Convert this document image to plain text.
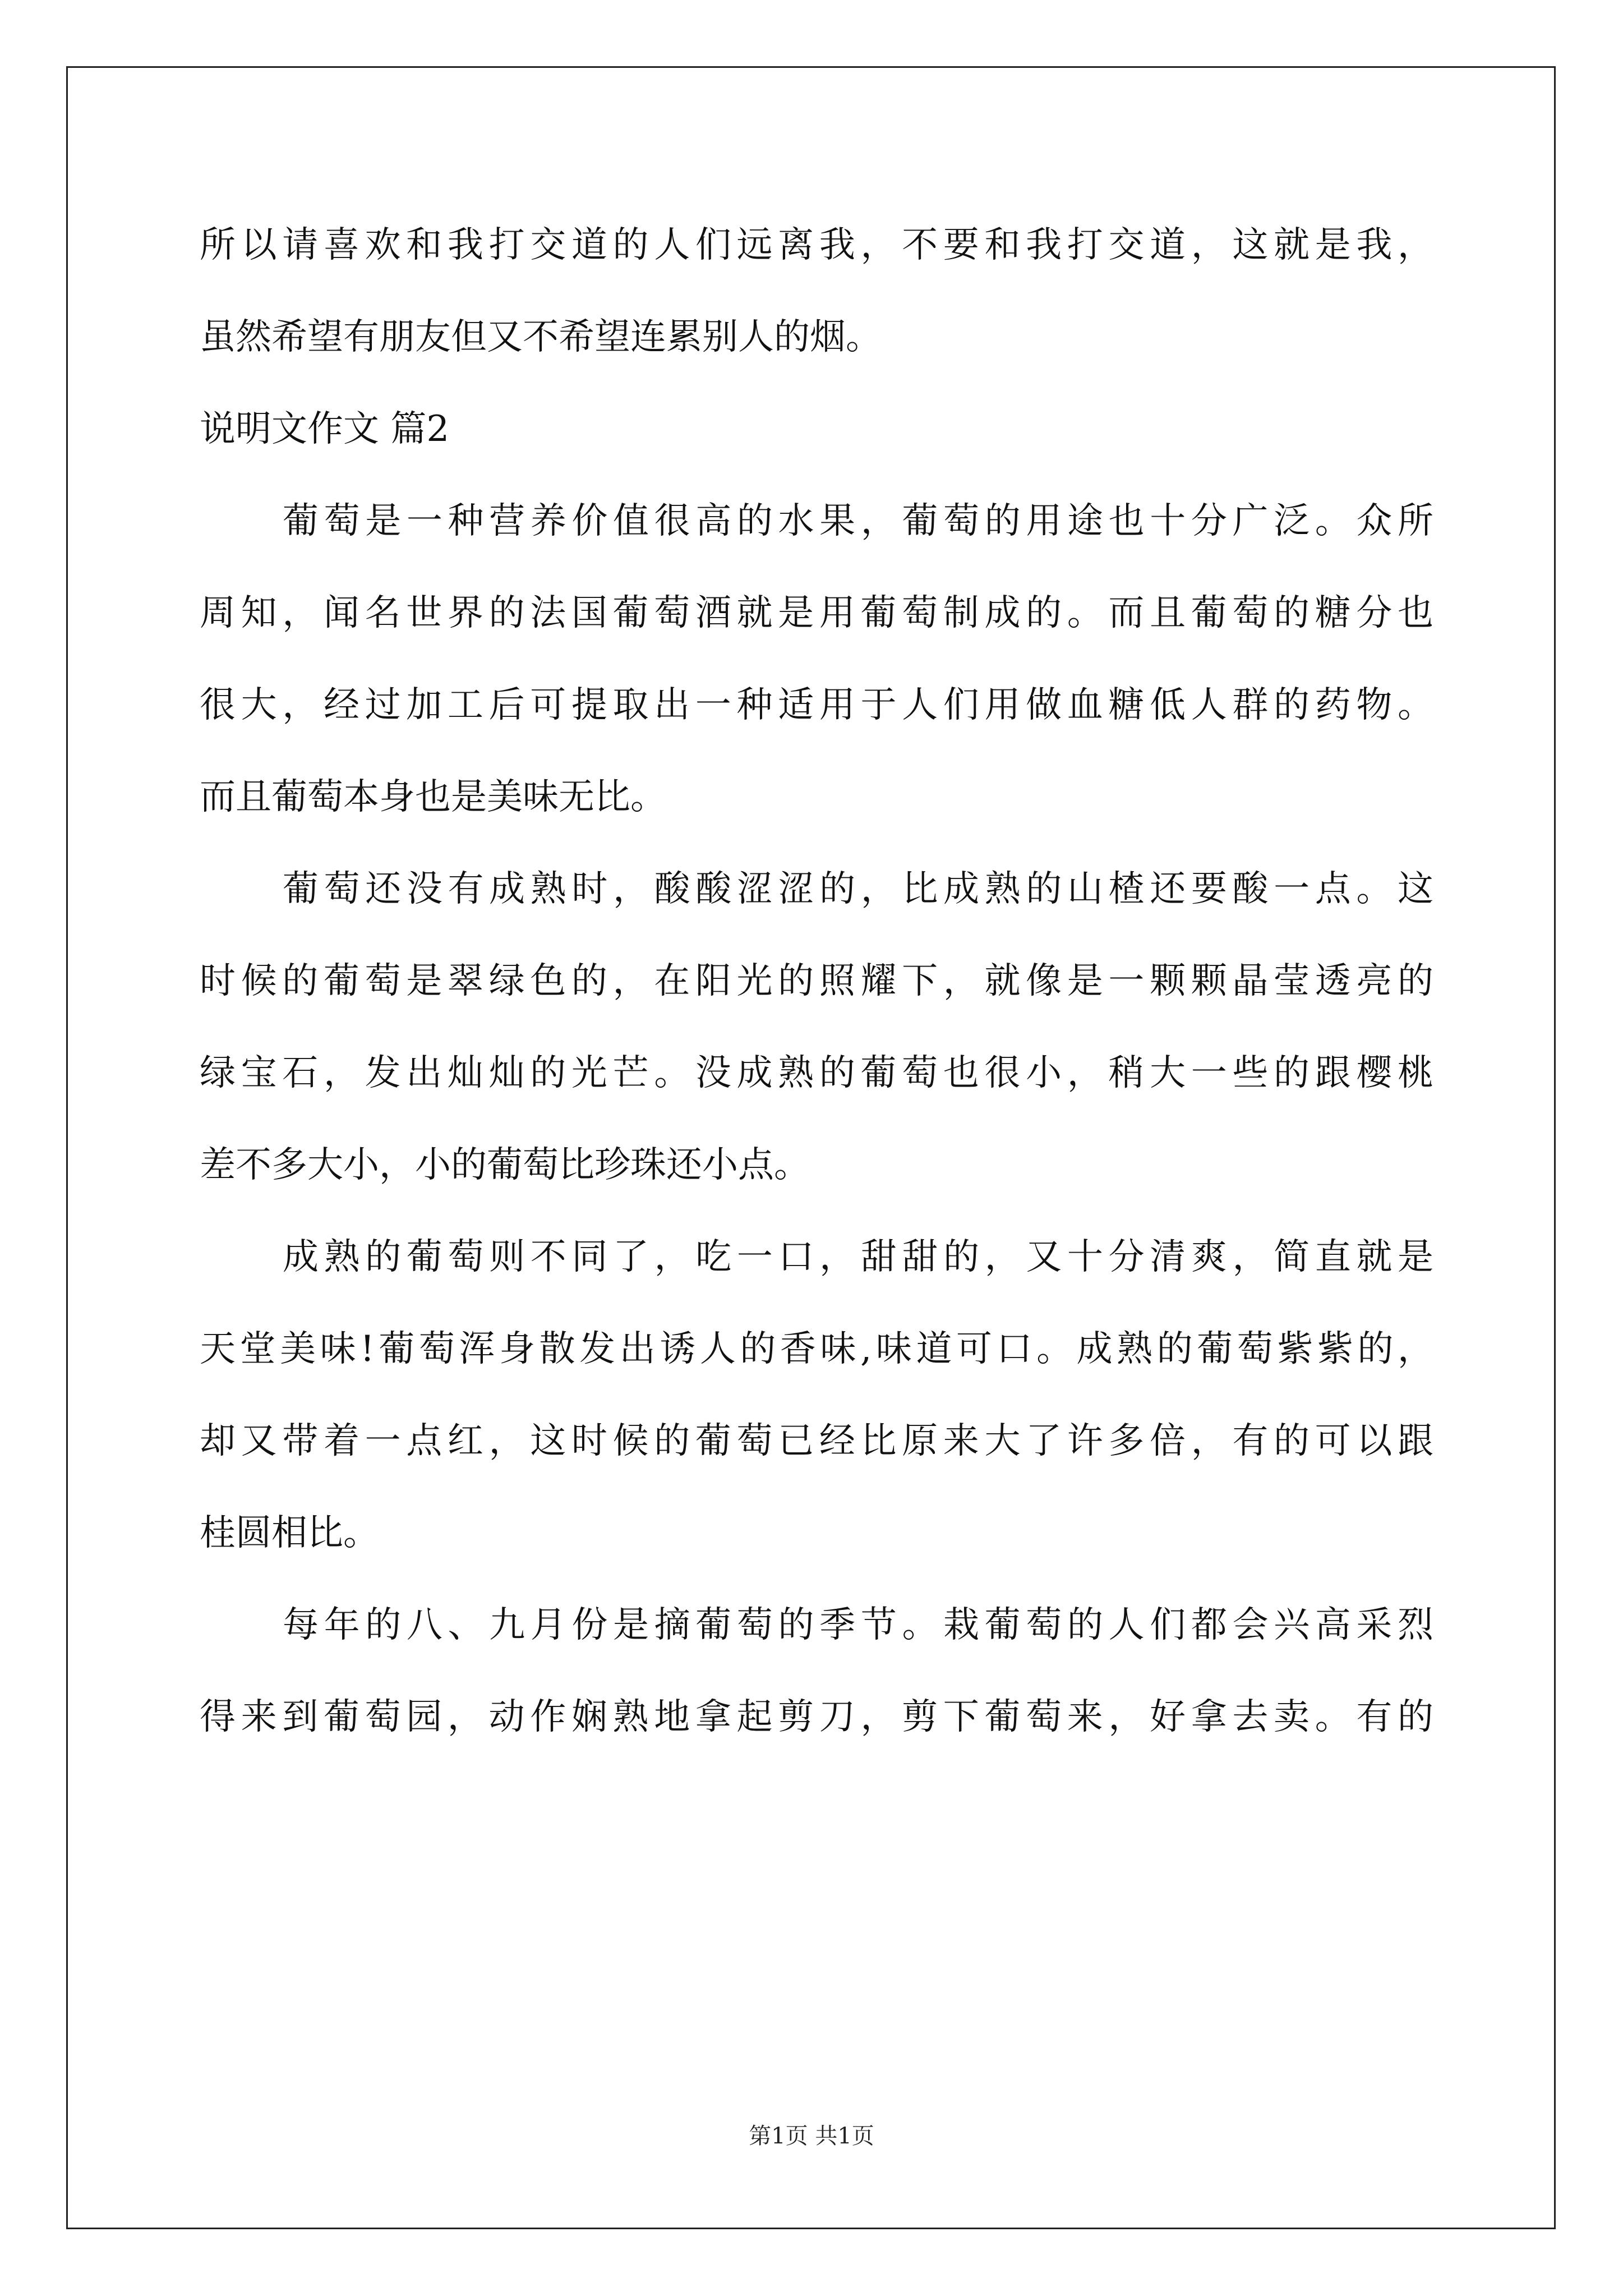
所以请喜欢和我打交道的人们远离我，不要和我打交道，这就是我，
虽然希望有朋友但又不希望连累别人的烟。
说明文作文 篇2
葡萄是一种营养价值很高的水果，葡萄的用途也十分广泛。众所
周知，闻名世界的法国葡萄酒就是用葡萄制成的。而且葡萄的糖分也
很大，经过加工后可提取出一种适用于人们用做血糖低人群的药物。
而且葡萄本身也是美味无比。
葡萄还没有成熟时，酸酸涩涩的，比成熟的山楂还要酸一点。这
时候的葡萄是翠绿色的，在阳光的照耀下，就像是一颗颗晶莹透亮的
绿宝石，发出灿灿的光芒。没成熟的葡萄也很小，稍大一些的跟樱桃
差不多大小，小的葡萄比珍珠还小点。
成熟的葡萄则不同了，吃一口，甜甜的，又十分清爽，简直就是
天堂美味!葡萄浑身散发出诱人的香味,味道可口。成熟的葡萄紫紫的，
却又带着一点红，这时候的葡萄已经比原来大了许多倍，有的可以跟
桂圆相比。
每年的八、九月份是摘葡萄的季节。栽葡萄的人们都会兴高采烈
得来到葡萄园，动作娴熟地拿起剪刀，剪下葡萄来，好拿去卖。有的
第1页 共1页
